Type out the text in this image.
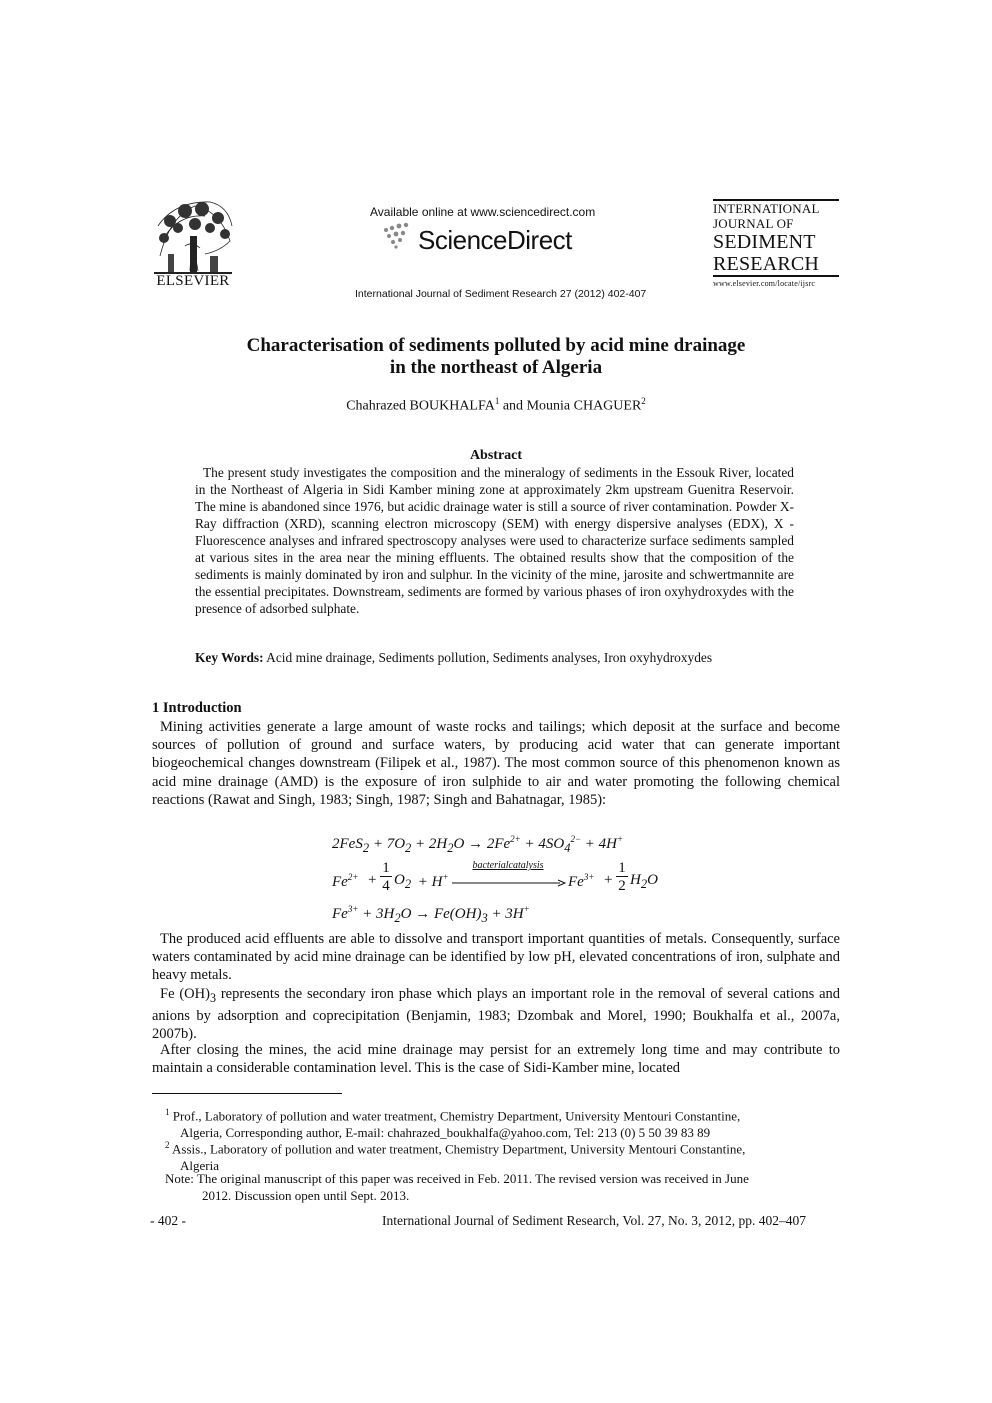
ELSEVIER
Available online at www.sciencedirect.com
ScienceDirect
International Journal of Sediment Research 27 (2012) 402-407
INTERNATIONAL
JOURNAL OF
SEDIMENT
RESEARCH
www.elsevier.com/locate/ijsrc
Characterisation of sediments polluted by acid mine drainage
in the northeast of Algeria
Chahrazed BOUKHALFA$^1$ and Mounia CHAGUER$^2$
Abstract

The present study investigates the composition and the mineralogy of sediments in the Essouk River, located in the Northeast of Algeria in Sidi Kamber mining zone at approximately 2km upstream Guenitra Reservoir. The mine is abandoned since 1976, but acidic drainage water is still a source of river contamination. Powder X-Ray diffraction (XRD), scanning electron microscopy (SEM) with energy dispersive analyses (EDX), X -Fluorescence analyses and infrared spectroscopy analyses were used to characterize surface sediments sampled at various sites in the area near the mining effluents. The obtained results show that the composition of the sediments is mainly dominated by iron and sulphur. In the vicinity of the mine, jarosite and schwertmannite are the essential precipitates. Downstream, sediments are formed by various phases of iron oxyhydroxydes with the presence of adsorbed sulphate.

Key Words: Acid mine drainage, Sediments pollution, Sediments analyses, Iron oxyhydroxydes
1 Introduction

Mining activities generate a large amount of waste rocks and tailings; which deposit at the surface and become sources of pollution of ground and surface waters, by producing acid water that can generate important biogeochemical changes downstream (Filipek et al., 1987). The most common source of this phenomenon known as acid mine drainage (AMD) is the exposure of iron sulphide to air and water promoting the following chemical reactions (Rawat and Singh, 1983; Singh, 1987; Singh and Bahatnagar, 1985):

$2FeS_2 + 7O_2 + 2H_2O \to 2Fe^{2+} + 4SO_4^{2-} + 4H^+$
$Fe^{2+}$ +
1
4 $O_2 + H^+$
bacterialcatalysis
$Fe^{3+}$ +
1
2 $H_2O$
$Fe^{3+} + 3H_2O \to Fe(OH)_3 + 3H^+$

The produced acid effluents are able to dissolve and transport important quantities of metals. Consequently, surface waters contaminated by acid mine drainage can be identified by low pH, elevated concentrations of iron, sulphate and heavy metals.

Fe $(OH)_3$ represents the secondary iron phase which plays an important role in the removal of several cations and anions by adsorption and coprecipitation (Benjamin, 1983; Dzombak and Morel, 1990; Boukhalfa et al., 2007a, 2007b).

After closing the mines, the acid mine drainage may persist for an extremely long time and may contribute to maintain a considerable contamination level. This is the case of Sidi-Kamber mine, located

$^1$ Prof., Laboratory of pollution and water treatment, Chemistry Department, University Mentouri Constantine,
Algeria, Corresponding author, E-mail: chahrazed_boukhalfa@yahoo.com, Tel: 213 (0) 5 50 39 83 89
$^2$ Assis., Laboratory of pollution and water treatment, Chemistry Department, University Mentouri Constantine,
Algeria
Note: The original manuscript of this paper was received in Feb. 2011. The revised version was received in June
2012. Discussion open until Sept. 2013.
- 402 -	International Journal of Sediment Research, Vol. 27, No. 3, 2012, pp. 402–407
